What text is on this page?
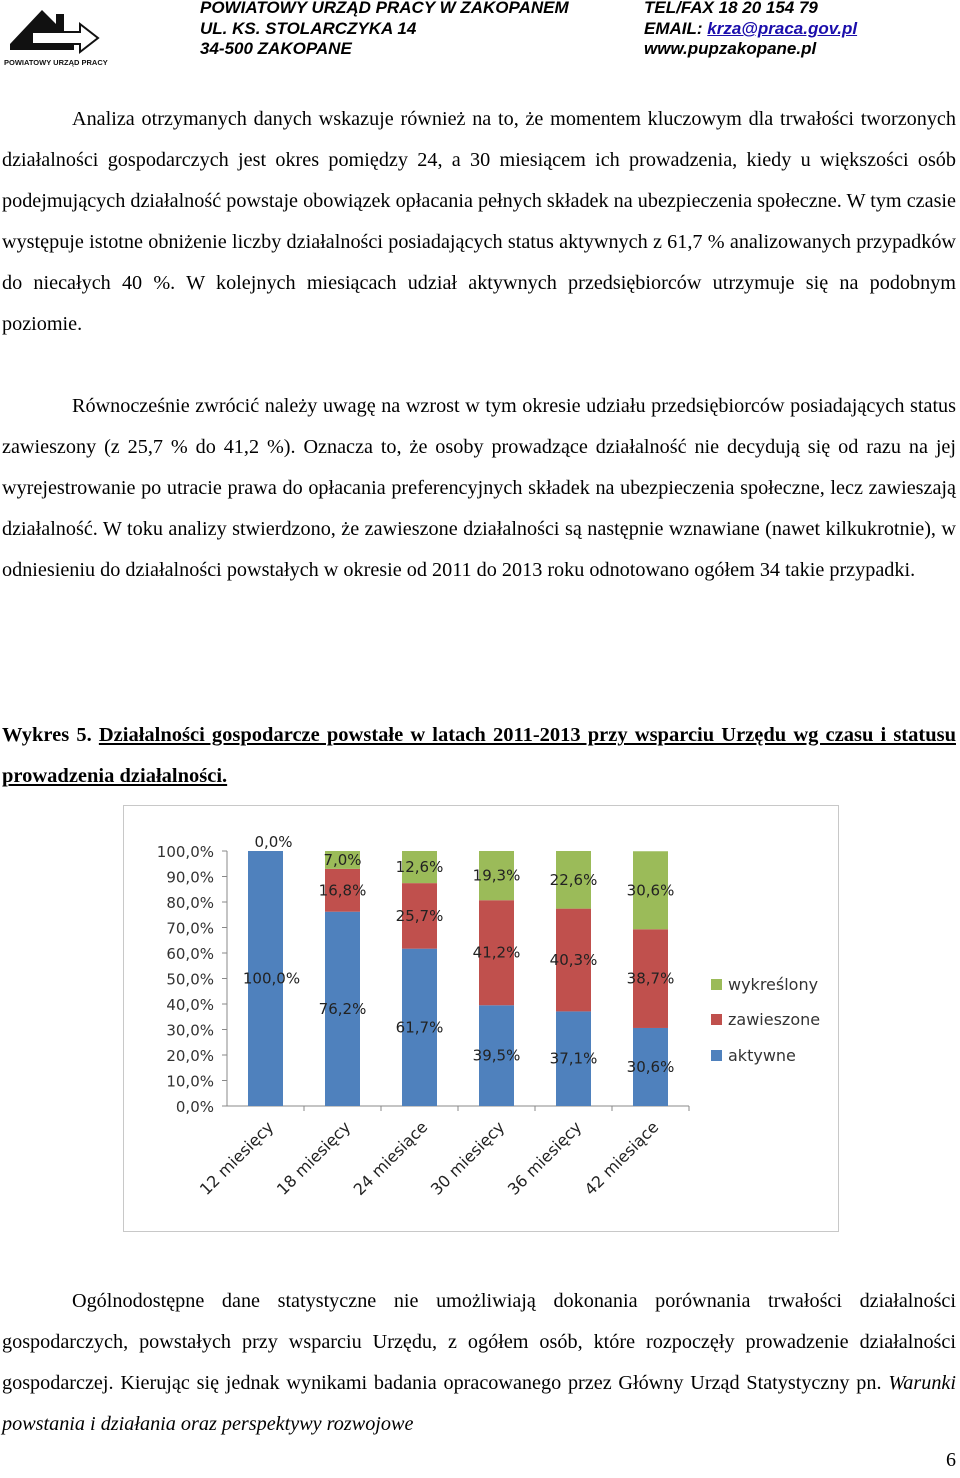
POWIATOWY URZĄD PRACY
POWIATOWY URZĄD PRACY W ZAKOPANEM
UL. KS. STOLARCZYKA 14
34-500 ZAKOPANE
TEL/FAX 18 20 154 79
EMAIL: krza@praca.gov.pl
www.pupzakopane.pl

Analiza otrzymanych danych wskazuje również na to, że momentem kluczowym dla trwałości tworzonych działalności gospodarczych jest okres pomiędzy 24, a 30 miesiącem ich prowadzenia, kiedy u większości osób podejmujących działalność powstaje obowiązek opłacania pełnych składek na ubezpieczenia społeczne. W tym czasie występuje istotne obniżenie liczby działalności posiadających status aktywnych z 61,7 % analizowanych przypadków do niecałych 40 %. W kolejnych miesiącach udział aktywnych przedsiębiorców utrzymuje się na podobnym poziomie.

Równocześnie zwrócić należy uwagę na wzrost w tym okresie udziału przedsiębiorców posiadających status zawieszony (z 25,7 % do 41,2 %). Oznacza to, że osoby prowadzące działalność nie decydują się od razu na jej wyrejestrowanie po utracie prawa do opłacania preferencyjnych składek na ubezpieczenia społeczne, lecz zawieszają działalność. W toku analizy stwierdzono, że zawieszone działalności są następnie wznawiane (nawet kilkukrotnie), w odniesieniu do działalności powstałych w okresie od 2011 do 2013 roku odnotowano ogółem 34 takie przypadki.

Wykres 5. Działalności gospodarcze powstałe w latach 2011-2013 przy wsparciu Urzędu wg czasu i statusu prowadzenia działalności.

0,0%
10,0%
20,0%
30,0%
40,0%
50,0%
60,0%
70,0%
80,0%
90,0%
100,0%
12 miesięcy
18 miesięcy
24 miesiące
30 miesięcy
36 miesięcy
42 miesiące
100,0%
0,0%
76,2%
16,8%
7,0%
61,7%
25,7%
12,6%
39,5%
41,2%
19,3%
37,1%
40,3%
22,6%
30,6%
38,7%
30,6%
wykreślony
zawieszone
aktywne

Ogólnodostępne dane statystyczne nie umożliwiają dokonania porównania trwałości działalności gospodarczych, powstałych przy wsparciu Urzędu, z ogółem osób, które rozpoczęły prowadzenie działalności gospodarczej. Kierując się jednak wynikami badania opracowanego przez Główny Urząd Statystyczny pn. Warunki powstania i działania oraz perspektywy rozwojowe

6
